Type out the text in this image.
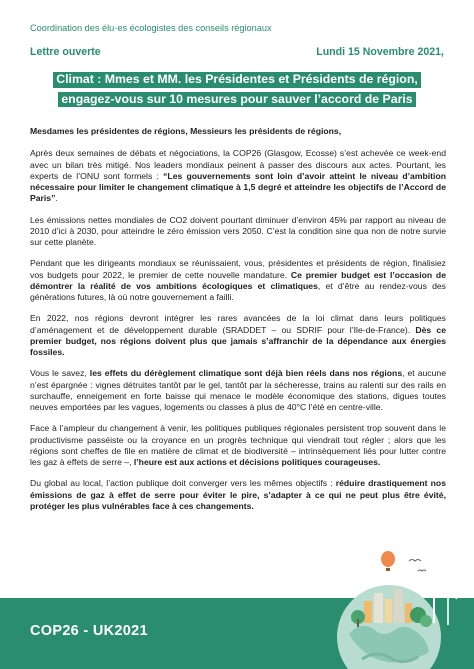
Coordination des élu·es écologistes des conseils régionaux
Lettre ouverte	Lundi 15 Novembre 2021,
Climat : Mmes et MM. les Présidentes et Présidents de région,
engagez-vous sur 10 mesures pour sauver l’accord de Paris

Mesdames les présidentes de régions, Messieurs les présidents de régions,

Après deux semaines de débats et négociations, la COP26 (Glasgow, Ecosse) s’est achevée ce week-end avec un bilan très mitigé. Nos leaders mondiaux peinent à passer des discours aux actes. Pourtant, les experts de l’ONU sont formels : “Les gouvernements sont loin d’avoir atteint le niveau d’ambition nécessaire pour limiter le changement climatique à 1,5 degré et atteindre les objectifs de l’Accord de Paris”.

Les émissions nettes mondiales de CO2 doivent pourtant diminuer d’environ 45% par rapport au niveau de 2010 d’ici à 2030, pour atteindre le zéro émission vers 2050. C’est la condition sine qua non de notre survie sur cette planète.

Pendant que les dirigeants mondiaux se réunissaient, vous, présidentes et présidents de région, finalisiez vos budgets pour 2022, le premier de cette nouvelle mandature. Ce premier budget est l’occasion de démontrer la réalité de vos ambitions écologiques et climatiques, et d’être au rendez-vous des générations futures, là où notre gouvernement a failli.

En 2022, nos régions devront intégrer les rares avancées de la loi climat dans leurs politiques d’aménagement et de développement durable (SRADDET – ou SDRIF pour l’Ile-de-France). Dès ce premier budget, nos régions doivent plus que jamais s’affranchir de la dépendance aux énergies fossiles.

Vous le savez, les effets du dérèglement climatique sont déjà bien réels dans nos régions, et aucune n’est épargnée : vignes détruites tantôt par le gel, tantôt par la sécheresse, trains au ralenti sur des rails en surchauffe, enneigement en forte baisse qui menace le modèle économique des stations, digues toutes neuves emportées par les vagues, logements ou classes à plus de 40°C l’été en centre-ville.

Face à l’ampleur du changement à venir, les politiques publiques régionales persistent trop souvent dans le productivisme passéiste ou la croyance en un progrès technique qui viendrait tout régler ; alors que les régions sont cheffes de file en matière de climat et de biodiversité – intrinsèquement liés pour lutter contre les gaz à effets de serre –, l’heure est aux actions et décisions politiques courageuses.

Du global au local, l’action publique doit converger vers les mêmes objectifs : réduire drastiquement nos émissions de gaz à effet de serre pour éviter le pire, s’adapter à ce qui ne peut plus être évité, protéger les plus vulnérables face à ces changements.

COP26 - UK2021
